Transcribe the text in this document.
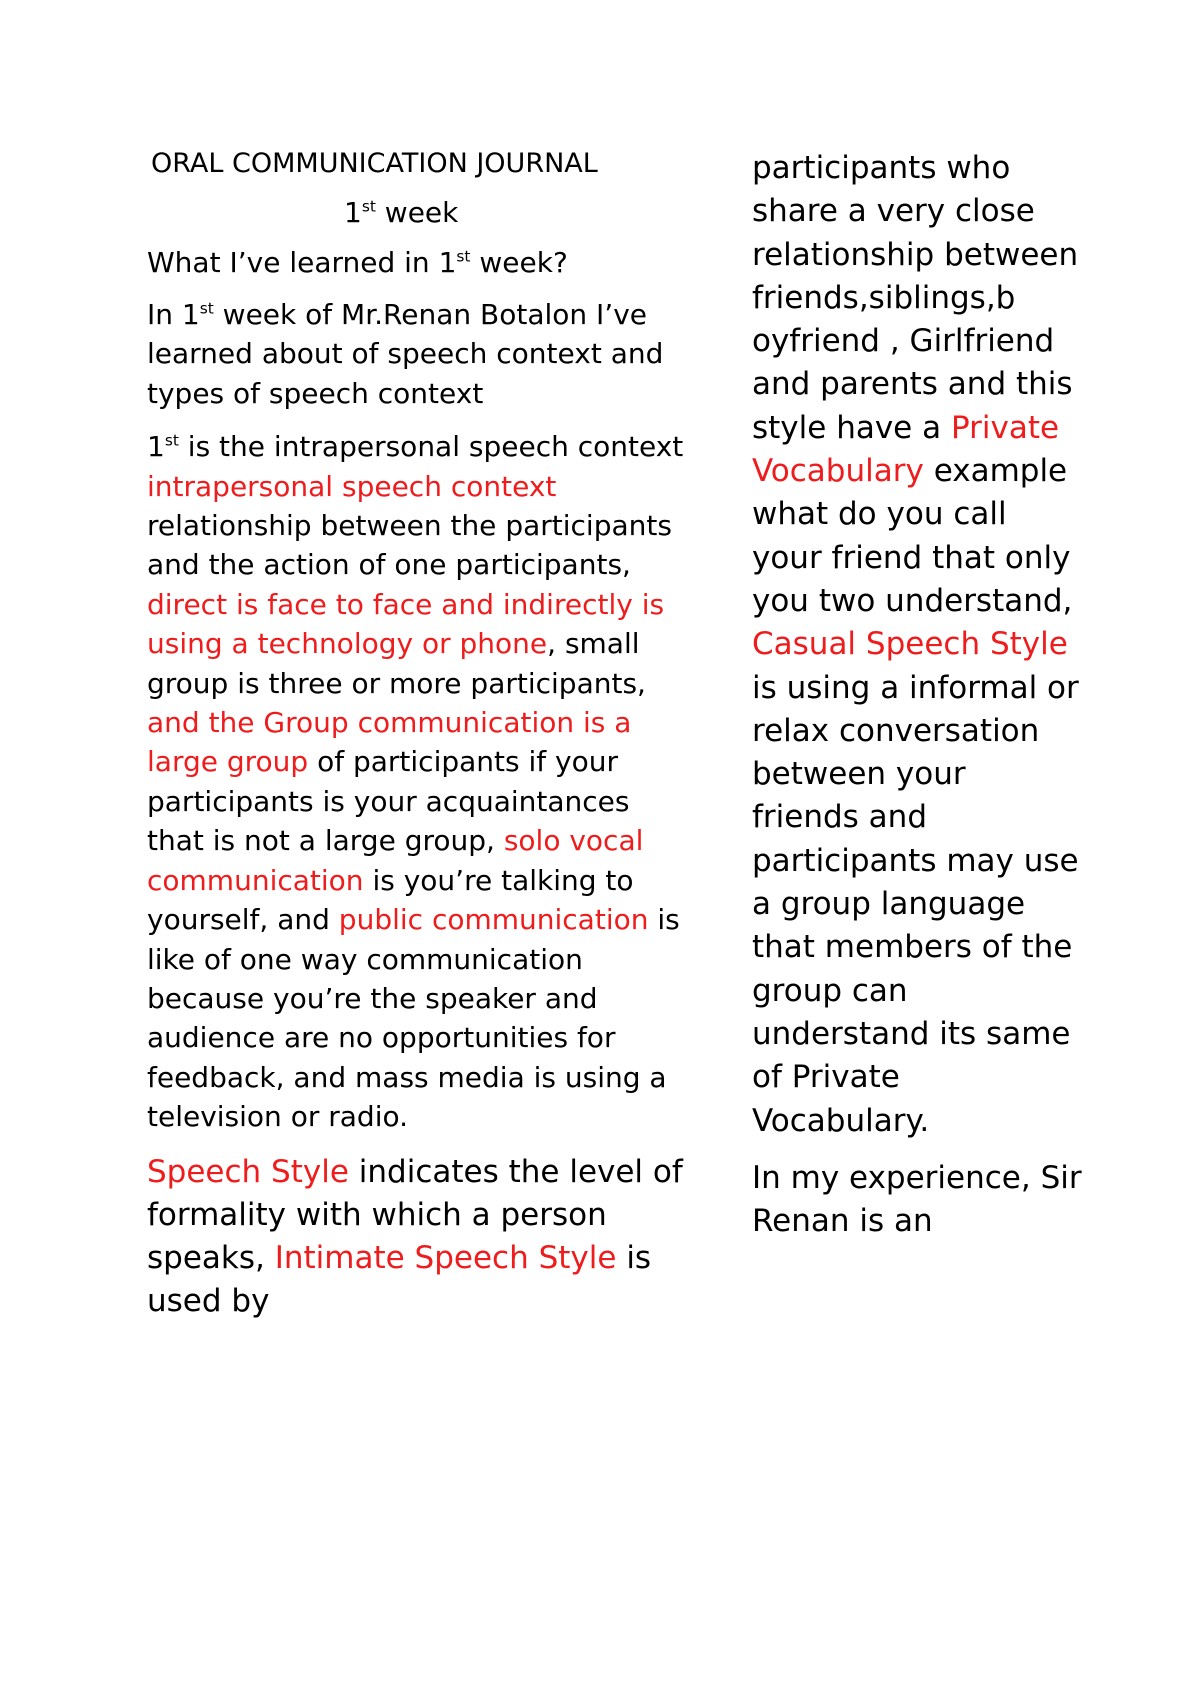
ORAL COMMUNICATION JOURNAL

1st week

What I’ve learned in 1st week?

In 1st week of Mr.Renan Botalon I’ve learned about of speech context and types of speech context

1st is the intrapersonal speech context intrapersonal speech context relationship between the participants and the action of one participants, direct is face to face and indirectly is using a technology or phone, small group is three or more participants, and the Group communication is a large group of participants if your participants is your acquaintances that is not a large group, solo vocal communication is you’re talking to yourself, and public communication is like of one way communication because you’re the speaker and audience are no opportunities for feedback, and mass media is using a television or radio.

Speech Style indicates the level of formality with which a person speaks, Intimate Speech Style is used by

participants who share a very close relationship between friends,siblings,b oyfriend , Girlfriend and parents and this style have a Private Vocabulary example what do you call your friend that only you two understand, Casual Speech Style is using a informal or relax conversation between your friends and participants may use a group language that members of the group can understand its same of Private Vocabulary.

In my experience, Sir Renan is an
